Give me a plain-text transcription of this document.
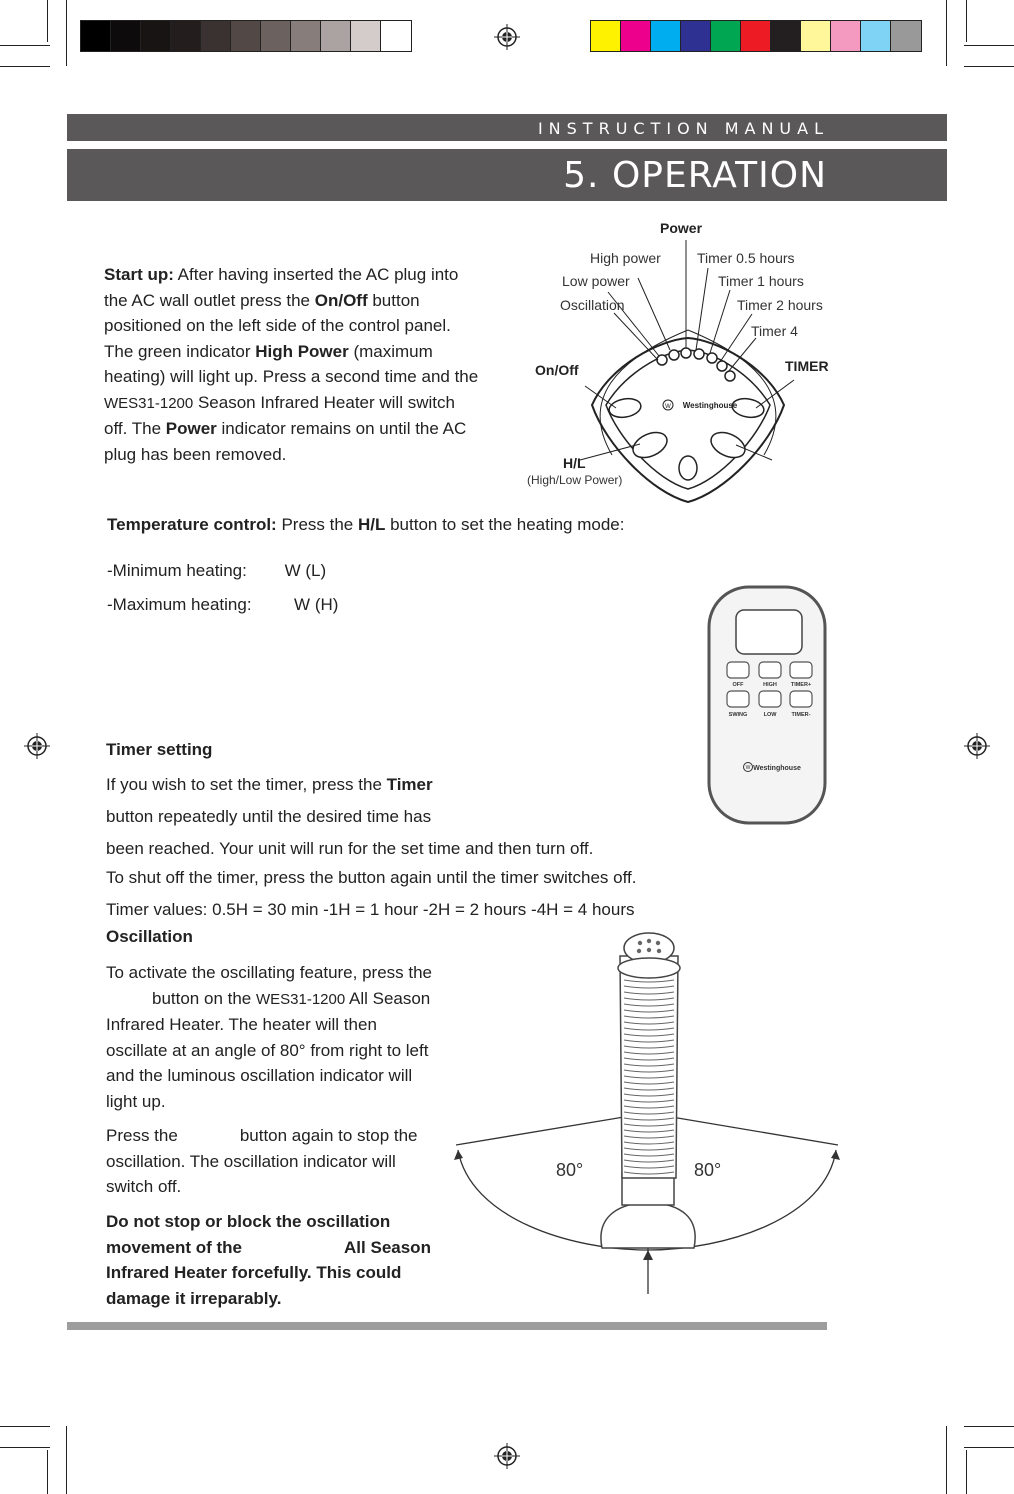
INSTRUCTION MANUAL
5. OPERATION
Start up: After having inserted the AC plug into the AC wall outlet press the On/Off button positioned on the left side of the control panel. The green indicator High Power (maximum heating) will light up. Press a second time and the WES31-1200 Season Infrared Heater will switch off. The Power indicator remains on until the AC plug has been removed.
W Westinghouse
Power
High power
Low power
Oscillation
Timer 0.5 hours
Timer 1 hours
Timer 2 hours
Timer 4
On/Off	TIMER
H/L
(High/Low Power)
Temperature control: Press the H/L button to set the heating mode:
-Minimum heating:        W (L)
-Maximum heating:         W (H)
OFF	HIGH	TIMER+
SWING	LOW	TIMER-
W Westinghouse
Timer setting
If you wish to set the timer, press the Timer
button repeatedly until the desired time has
been reached. Your unit will run for the set time and then turn off.
To shut off the timer, press the button again until the timer switches off.
Timer values: 0.5H = 30 min -1H = 1 hour -2H = 2 hours -4H = 4 hours
Oscillation
To activate the oscillating feature, press thebutton on the WES31-1200 All Season Infrared Heater. The heater will then oscillate at an angle of 80° from right to left and the luminous oscillation indicator will light up.
Press the	button again to stop the oscillation. The oscillation indicator will switch off.
Do not stop or block the oscillation movement of the	All Season Infrared Heater forcefully. This could damage it irreparably.
80°	80°
